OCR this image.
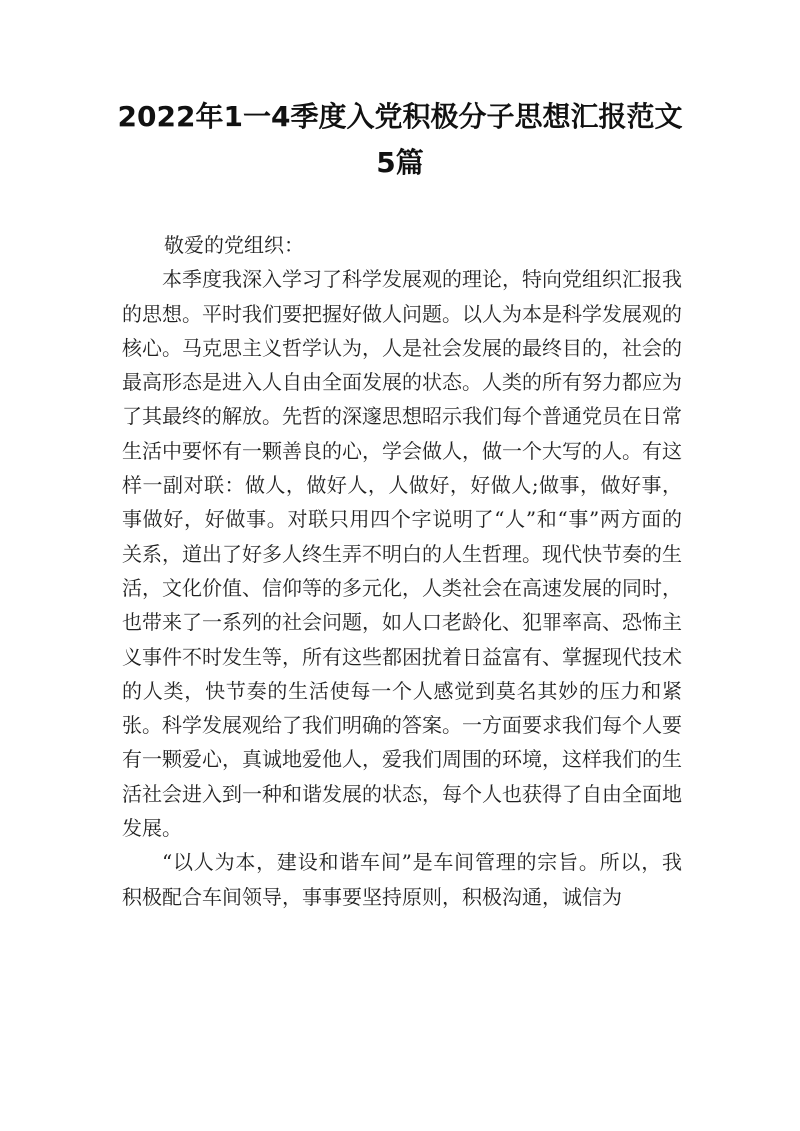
2022年1一4季度入党积极分子思想汇报范文5篇

敬爱的党组织：

本季度我深入学习了科学发展观的理论，特向党组织汇报我的思想。平时我们要把握好做人问题。以人为本是科学发展观的核心。马克思主义哲学认为，人是社会发展的最终目的，社会的最高形态是进入人自由全面发展的状态。人类的所有努力都应为了其最终的解放。先哲的深邃思想昭示我们每个普通党员在日常生活中要怀有一颗善良的心，学会做人，做一个大写的人。有这样一副对联：做人，做好人，人做好，好做人;做事，做好事，事做好，好做事。对联只用四个字说明了“人”和“事”两方面的关系，道出了好多人终生弄不明白的人生哲理。现代快节奏的生活，文化价值、信仰等的多元化，人类社会在高速发展的同时，也带来了一系列的社会问题，如人口老龄化、犯罪率高、恐怖主义事件不时发生等，所有这些都困扰着日益富有、掌握现代技术的人类，快节奏的生活使每一个人感觉到莫名其妙的压力和紧张。科学发展观给了我们明确的答案。一方面要求我们每个人要有一颗爱心，真诚地爱他人，爱我们周围的环境，这样我们的生活社会进入到一种和谐发展的状态，每个人也获得了自由全面地发展。

“以人为本，建设和谐车间”是车间管理的宗旨。所以，我积极配合车间领导，事事要坚持原则，积极沟通，诚信为
